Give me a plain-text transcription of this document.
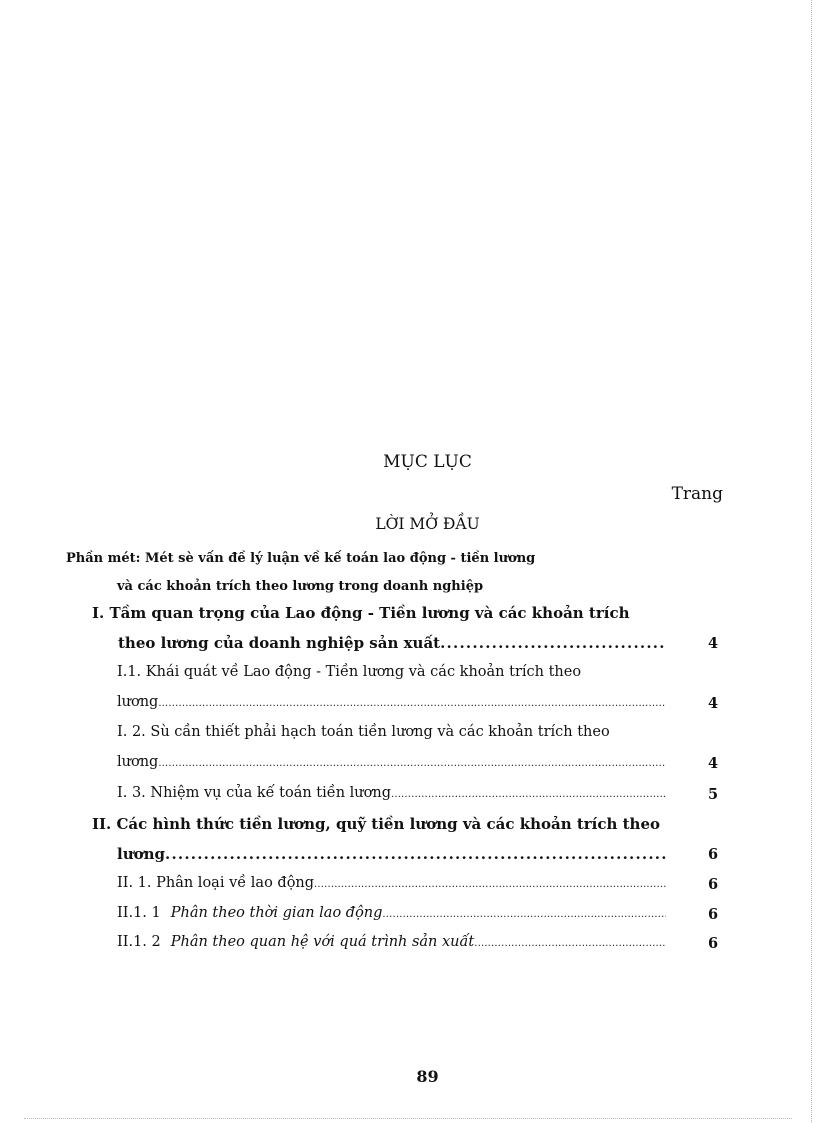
MỤC LỤC
Trang
LỜI MỞ ĐẦU
Phần mét: Mét sè vấn đề lý luận về kế toán lao động - tiền lương
và các khoản trích theo lương trong doanh nghiệp
I. Tầm quan trọng của Lao động - Tiền lương và các khoản trích
theo lương của doanh nghiệp sản xuất . . .	4
I.1. Khái quát về Lao động - Tiền lương và các khoản trích theo
lương . . .	4
I. 2. Sù cần thiết phải hạch toán tiền lương và các khoản trích theo
lương . . .	4
I. 3. Nhiệm vụ của kế toán tiền lương . . .	5
II. Các hình thức tiền lương, quỹ tiền lương và các khoản trích theo
lương . . .	6
II. 1. Phân loại về lao động . . .	6
II.1. 1 Phân theo thời gian lao động . . .	6
II.1. 2 Phân theo quan hệ với quá trình sản xuất . . .	6
89
